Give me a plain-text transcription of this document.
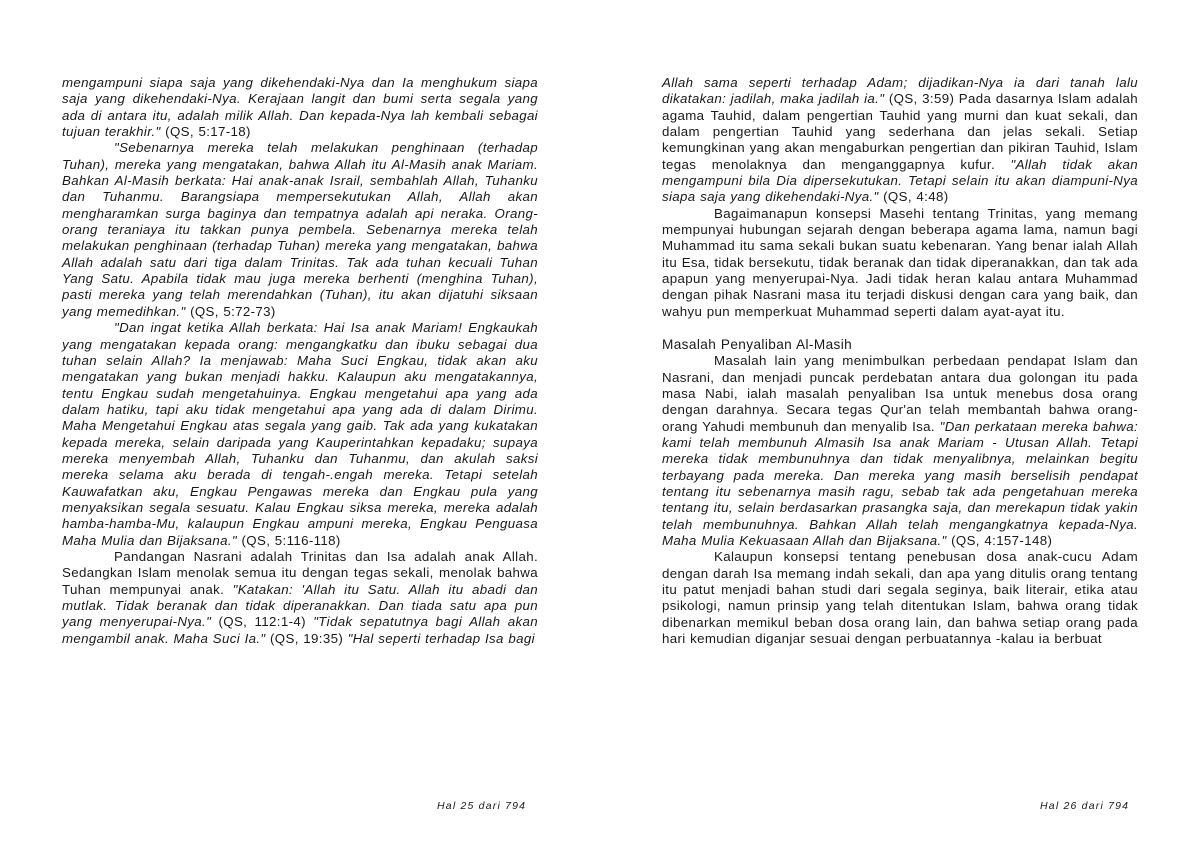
mengampuni siapa saja yang dikehendaki-Nya dan Ia menghukum siapa saja yang dikehendaki-Nya. Kerajaan langit dan bumi serta segala yang ada di antara itu, adalah milik Allah. Dan kepada-Nya lah kembali sebagai tujuan terakhir." (QS, 5:17-18)

"Sebenarnya mereka telah melakukan penghinaan (terhadap Tuhan), mereka yang mengatakan, bahwa Allah itu Al-Masih anak Mariam. Bahkan Al-Masih berkata: Hai anak-anak Israil, sembahlah Allah, Tuhanku dan Tuhanmu. Barangsiapa mempersekutukan Allah, Allah akan mengharamkan surga baginya dan tempatnya adalah api neraka. Orang-orang teraniaya itu takkan punya pembela. Sebenarnya mereka telah melakukan penghinaan (terhadap Tuhan) mereka yang mengatakan, bahwa Allah adalah satu dari tiga dalam Trinitas. Tak ada tuhan kecuali Tuhan Yang Satu. Apabila tidak mau juga mereka berhenti (menghina Tuhan), pasti mereka yang telah merendahkan (Tuhan), itu akan dijatuhi siksaan yang memedihkan." (QS, 5:72-73)

"Dan ingat ketika Allah berkata: Hai Isa anak Mariam! Engkaukah yang mengatakan kepada orang: mengangkatku dan ibuku sebagai dua tuhan selain Allah? Ia menjawab: Maha Suci Engkau, tidak akan aku mengatakan yang bukan menjadi hakku. Kalaupun aku mengatakannya, tentu Engkau sudah mengetahuinya. Engkau mengetahui apa yang ada dalam hatiku, tapi aku tidak mengetahui apa yang ada di dalam Dirimu. Maha Mengetahui Engkau atas segala yang gaib. Tak ada yang kukatakan kepada mereka, selain daripada yang Kauperintahkan kepadaku; supaya mereka menyembah Allah, Tuhanku dan Tuhanmu, dan akulah saksi mereka selama aku berada di tengah-.engah mereka. Tetapi setelah Kauwafatkan aku, Engkau Pengawas mereka dan Engkau pula yang menyaksikan segala sesuatu. Kalau Engkau siksa mereka, mereka adalah hamba-hamba-Mu, kalaupun Engkau ampuni mereka, Engkau Penguasa Maha Mulia dan Bijaksana." (QS, 5:116-118)

Pandangan Nasrani adalah Trinitas dan Isa adalah anak Allah. Sedangkan Islam menolak semua itu dengan tegas sekali, menolak bahwa Tuhan mempunyai anak. "Katakan: 'Allah itu Satu. Allah itu abadi dan mutlak. Tidak beranak dan tidak diperanakkan. Dan tiada satu apa pun yang menyerupai-Nya." (QS, 112:1-4) "Tidak sepatutnya bagi Allah akan mengambil anak. Maha Suci Ia." (QS, 19:35) "Hal seperti terhadap Isa bagi

Allah sama seperti terhadap Adam; dijadikan-Nya ia dari tanah lalu dikatakan: jadilah, maka jadilah ia." (QS, 3:59) Pada dasarnya Islam adalah agama Tauhid, dalam pengertian Tauhid yang murni dan kuat sekali, dan dalam pengertian Tauhid yang sederhana dan jelas sekali. Setiap kemungkinan yang akan mengaburkan pengertian dan pikiran Tauhid, Islam tegas menolaknya dan menganggapnya kufur. "Allah tidak akan mengampuni bila Dia dipersekutukan. Tetapi selain itu akan diampuni-Nya siapa saja yang dikehendaki-Nya." (QS, 4:48)

Bagaimanapun konsepsi Masehi tentang Trinitas, yang memang mempunyai hubungan sejarah dengan beberapa agama lama, namun bagi Muhammad itu sama sekali bukan suatu kebenaran. Yang benar ialah Allah itu Esa, tidak bersekutu, tidak beranak dan tidak diperanakkan, dan tak ada apapun yang menyerupai-Nya. Jadi tidak heran kalau antara Muhammad dengan pihak Nasrani masa itu terjadi diskusi dengan cara yang baik, dan wahyu pun memperkuat Muhammad seperti dalam ayat-ayat itu.

Masalah Penyaliban Al-Masih

Masalah lain yang menimbulkan perbedaan pendapat Islam dan Nasrani, dan menjadi puncak perdebatan antara dua golongan itu pada masa Nabi, ialah masalah penyaliban Isa untuk menebus dosa orang dengan darahnya. Secara tegas Qur'an telah membantah bahwa orang-orang Yahudi membunuh dan menyalib Isa. "Dan perkataan mereka bahwa: kami telah membunuh Almasih Isa anak Mariam - Utusan Allah. Tetapi mereka tidak membunuhnya dan tidak menyalibnya, melainkan begitu terbayang pada mereka. Dan mereka yang masih berselisih pendapat tentang itu sebenarnya masih ragu, sebab tak ada pengetahuan mereka tentang itu, selain berdasarkan prasangka saja, dan merekapun tidak yakin telah membunuhnya. Bahkan Allah telah mengangkatnya kepada-Nya. Maha Mulia Kekuasaan Allah dan Bijaksana." (QS, 4:157-148)

Kalaupun konsepsi tentang penebusan dosa anak-cucu Adam dengan darah Isa memang indah sekali, dan apa yang ditulis orang tentang itu patut menjadi bahan studi dari segala seginya, baik literair, etika atau psikologi, namun prinsip yang telah ditentukan Islam, bahwa orang tidak dibenarkan memikul beban dosa orang lain, dan bahwa setiap orang pada hari kemudian diganjar sesuai dengan perbuatannya -kalau ia berbuat

Hal 25 dari 794	Hal 26 dari 794
